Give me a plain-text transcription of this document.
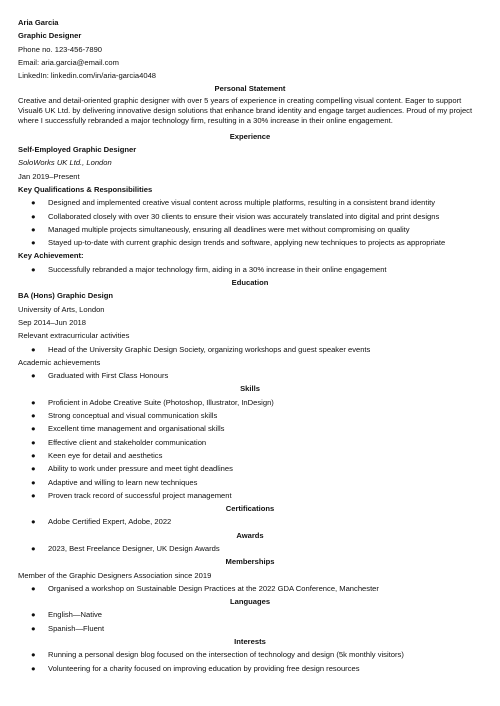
Aria Garcia
Graphic Designer
Phone no. 123-456-7890
Email: aria.garcia@email.com
LinkedIn: linkedin.com/in/aria-garcia4048
Personal Statement
Creative and detail-oriented graphic designer with over 5 years of experience in creating compelling visual content. Eager to support Visual6 UK Ltd. by delivering innovative design solutions that enhance brand identity and engage target audiences. Proud of my project where I successfully rebranded a major technology firm, resulting in a 30% increase in their online engagement.
Experience
Self-Employed Graphic Designer
SoloWorks UK Ltd., London
Jan 2019–Present
Key Qualifications & Responsibilities
● Designed and implemented creative visual content across multiple platforms, resulting in a consistent brand identity
● Collaborated closely with over 30 clients to ensure their vision was accurately translated into digital and print designs
● Managed multiple projects simultaneously, ensuring all deadlines were met without compromising on quality
● Stayed up-to-date with current graphic design trends and software, applying new techniques to projects as appropriate
Key Achievement:
● Successfully rebranded a major technology firm, aiding in a 30% increase in their online engagement
Education
BA (Hons) Graphic Design
University of Arts, London
Sep 2014–Jun 2018
Relevant extracurricular activities
● Head of the University Graphic Design Society, organizing workshops and guest speaker events
Academic achievements
● Graduated with First Class Honours
Skills
● Proficient in Adobe Creative Suite (Photoshop, Illustrator, InDesign)
● Strong conceptual and visual communication skills
● Excellent time management and organisational skills
● Effective client and stakeholder communication
● Keen eye for detail and aesthetics
● Ability to work under pressure and meet tight deadlines
● Adaptive and willing to learn new techniques
● Proven track record of successful project management
Certifications
● Adobe Certified Expert, Adobe, 2022
Awards
● 2023, Best Freelance Designer, UK Design Awards
Memberships
Member of the Graphic Designers Association since 2019
● Organised a workshop on Sustainable Design Practices at the 2022 GDA Conference, Manchester
Languages
● English—Native
● Spanish—Fluent
Interests
● Running a personal design blog focused on the intersection of technology and design (5k monthly visitors)
● Volunteering for a charity focused on improving education by providing free design resources
